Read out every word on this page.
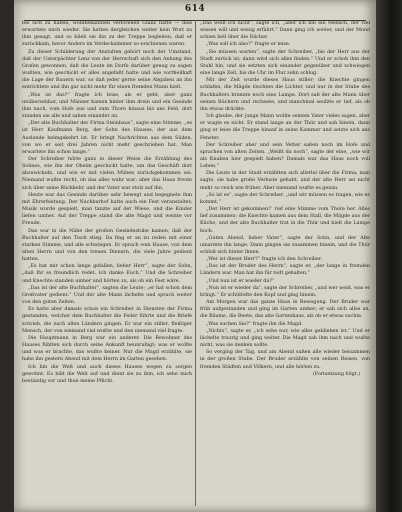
614

bei sich zu haben, wohlbekannten verlorenen Glanz hätte — dies erwartete mich wieder. Sie hatten dergleichen weiter kein Wort zu ihm gesagt, und so blieb sie ihn zu der Treppe begleiten, daß er zurückkam, bevor Andere im Verdeckzimmer so erschienen waren.

Zu dieser Schilderung der Anstalten gehört noch der Umstand, daß der Unterpächter Lenz von der Herrschaft sich den Anhang des Grafen gewonnen, daß die Leute im Dorfe darüber genug zu sagen wußten, wie geschickt er alles angefaßt hatte und wie vortheilhaft die Lage der Bauern war, so daß jeder gerne seine Abgaben an ihn entrichtete und ihn gar nicht mehr für einen fremden Mann hielt.

„Was ist das?“ fragte ich leise, als er geht, aber ganz unübersehbar, und Männer kamen hinter ihm drein und ein Gesinde ihm nach, vom Hofe aus und zum Thore hinaus bis ans Feld, dort standen sie alle und sahen einander an.

„Der alte Buchhalter der Firma Steinhaus“, sagte eine Stimme, „es ist Herr Kaufmann Berg, der Sohn des Hauses, der aus dem Auslande heimgekehrt ist. Er bringt Nachrichten aus dem Süden, von wo er seit drei Jahren nicht mehr geschrieben hat. Man erwartete ihn schon lange.“

Der Schreiber hörte ganz in dieser Weise die Erzählung des Sohnes, wie ihn der Oheim geschickt hatte, um das Geschäft dort abzuwickeln, und wie er mit vielen Mühen zurückgekommen sei. Niemand wußte recht, ob das alles wahr war; aber das Haus freute sich über seine Rückkehr, und der Vater war stolz auf ihn.

Heute war das Gesinde darüber sehr bewegt und begegnete ihm mit Ehrerbietung. Der Nachbarhof hatte auch ein Fest veranstaltet; Musik wurde gespielt, man tanzte auf der Wiese, und die Kinder liefen umher. Auf der Treppe stand die alte Magd und weinte vor Freude.

Das war in die Nähe der großen Gesindestube kamen, daß der Buchhalter auf den Tisch stieg. Da fing er an zu reden mit einer starken Stimme, und alle schwiegen. Er sprach vom Hause, von dem alten Herrn und von den treuen Dienern, die viele Jahre gedient hatten.

„Es hat mir schon lange gefallen, lieber Herr“, sagte der Sohn, „daß Ihr so freundlich redet. Ich danke Euch.“ Und die Schreiber und Knechte standen umher und hörten zu, als ob ein Fest wäre.

„Das ist der alte Buchhalter“, sagten die Leute; „er hat schon dem Großvater gedient.“ Und der alte Mann lächelte und sprach weiter von den guten Zeiten.

Es hatte aber damals schon ein Schreiber in Diensten der Firma gestanden, welcher dem Buchhalter die Feder führte und die Briefe schrieb, die nach allen Ländern gingen. Er war ein stiller, fleißiger Mensch, der von niemand viel wußte und den niemand viel fragte.

Die Hauptmann in Berg war ein anderer. Die Bewohner des Hauses fühlten sich durch seine Ankunft beunruhigt; was er wollte und was er brachte, das wußte keiner. Nur die Magd erzählte, sie habe ihn gestern Abend mit dem Herrn im Garten gesehen.

Ich bin die Welt und auch dieses Hauses wegen zu sorgen gewohnt. Es hält die Welt auf und dient sie zu ihm, ich sehe mich beständig vor und thue meine Pflicht.

„Das weiß ich nicht“, sagte ich, „aber ich bin ein Mensch, der viel wissen will und wenig erfährt.“ Dann ging ich weiter, und der Mond schien hell über die Dächer.

„Was soll ich also?“ fragte er leise.

„Sie müssen warten“, sagte der Schreiber, „bis der Herr aus der Stadt zurück ist; dann wird sich alles finden.“ Und er schob ihm den Stuhl hin, und sie setzten sich einander gegenüber und schwiegen eine lange Zeit, bis die Uhr im Flur zehn schlug.

Mit der Zeit wurde dieses Haus stiller; die Knechte gingen schlafen, die Mägde löschten die Lichter, und nur in der Stube des Buchhalters brannte noch eine Lampe. Dort saß der alte Mann über seinen Büchern und rechnete, und manchmal seufzte er tief, als ob ihn etwas drückte.

Ich glaube, der junge Mann wollte seinem Vater vieles sagen, aber er wagte es nicht. Er stand lange an der Thür und sah hinein, dann ging er leise die Treppe hinauf in seine Kammer und setzte sich ans Fenster.

Der Schreiber aber und sein Vetter saßen noch im Hofe und sprachen von alten Zeiten. „Weißt du noch“, sagte der eine, „wie wir als Knaben hier gespielt haben? Damals war das Haus noch voll Leben.“

Die Leute in der Stadt erzählten sich allerlei über die Firma; man sagte, sie habe große Verluste gehabt, und der alte Herr sei nicht mehr so reich wie früher. Aber niemand wußte es genau.

„So ist es“, sagte der Schreiber, „und wir müssen es tragen, wie es kommt.“

„Der Herr ist gekommen!“ rief eine Stimme vom Thore her. Alles lief zusammen; die Knechte kamen aus dem Stall, die Mägde aus der Küche, und der alte Buchhalter trat in die Thür und hielt die Lampe hoch.

„Guten Abend, lieber Vater“, sagte der Sohn, und der Alte umarmte ihn lange. Dann gingen sie zusammen hinein, und die Thür schloß sich hinter ihnen.

„Wer ist dieser Herr?“ fragte ich den Schreiber.

„Das ist der Bruder des Herrn“, sagte er, „der lange in fremden Ländern war. Man hat ihn für todt gehalten.“

„Und nun ist er wieder da?“

„Nun ist er wieder da“, sagte der Schreiber, „und wer weiß, was er bringt.“ Er schüttelte den Kopf und ging hinein.

Am Morgen war das ganze Haus in Bewegung. Der Bruder war früh aufgestanden und ging im Garten umher; er sah sich alles an, die Bäume, die Beete, das alte Gartenhaus, als ob er etwas suchte.

„Was suchen Sie?“ fragte ihn die Magd.

„Nichts“, sagte er, „ich sehe nur, wie alles geblieben ist.“ Und er lächelte traurig und ging weiter. Die Magd sah ihm nach und wußte nicht, was sie denken sollte.

So verging der Tag, und am Abend saßen alle wieder beisammen in der großen Stube. Der Bruder erzählte von seinen Reisen, von fremden Städten und Völkern, und alle hörten zu.

(Fortsetzung folgt.)
